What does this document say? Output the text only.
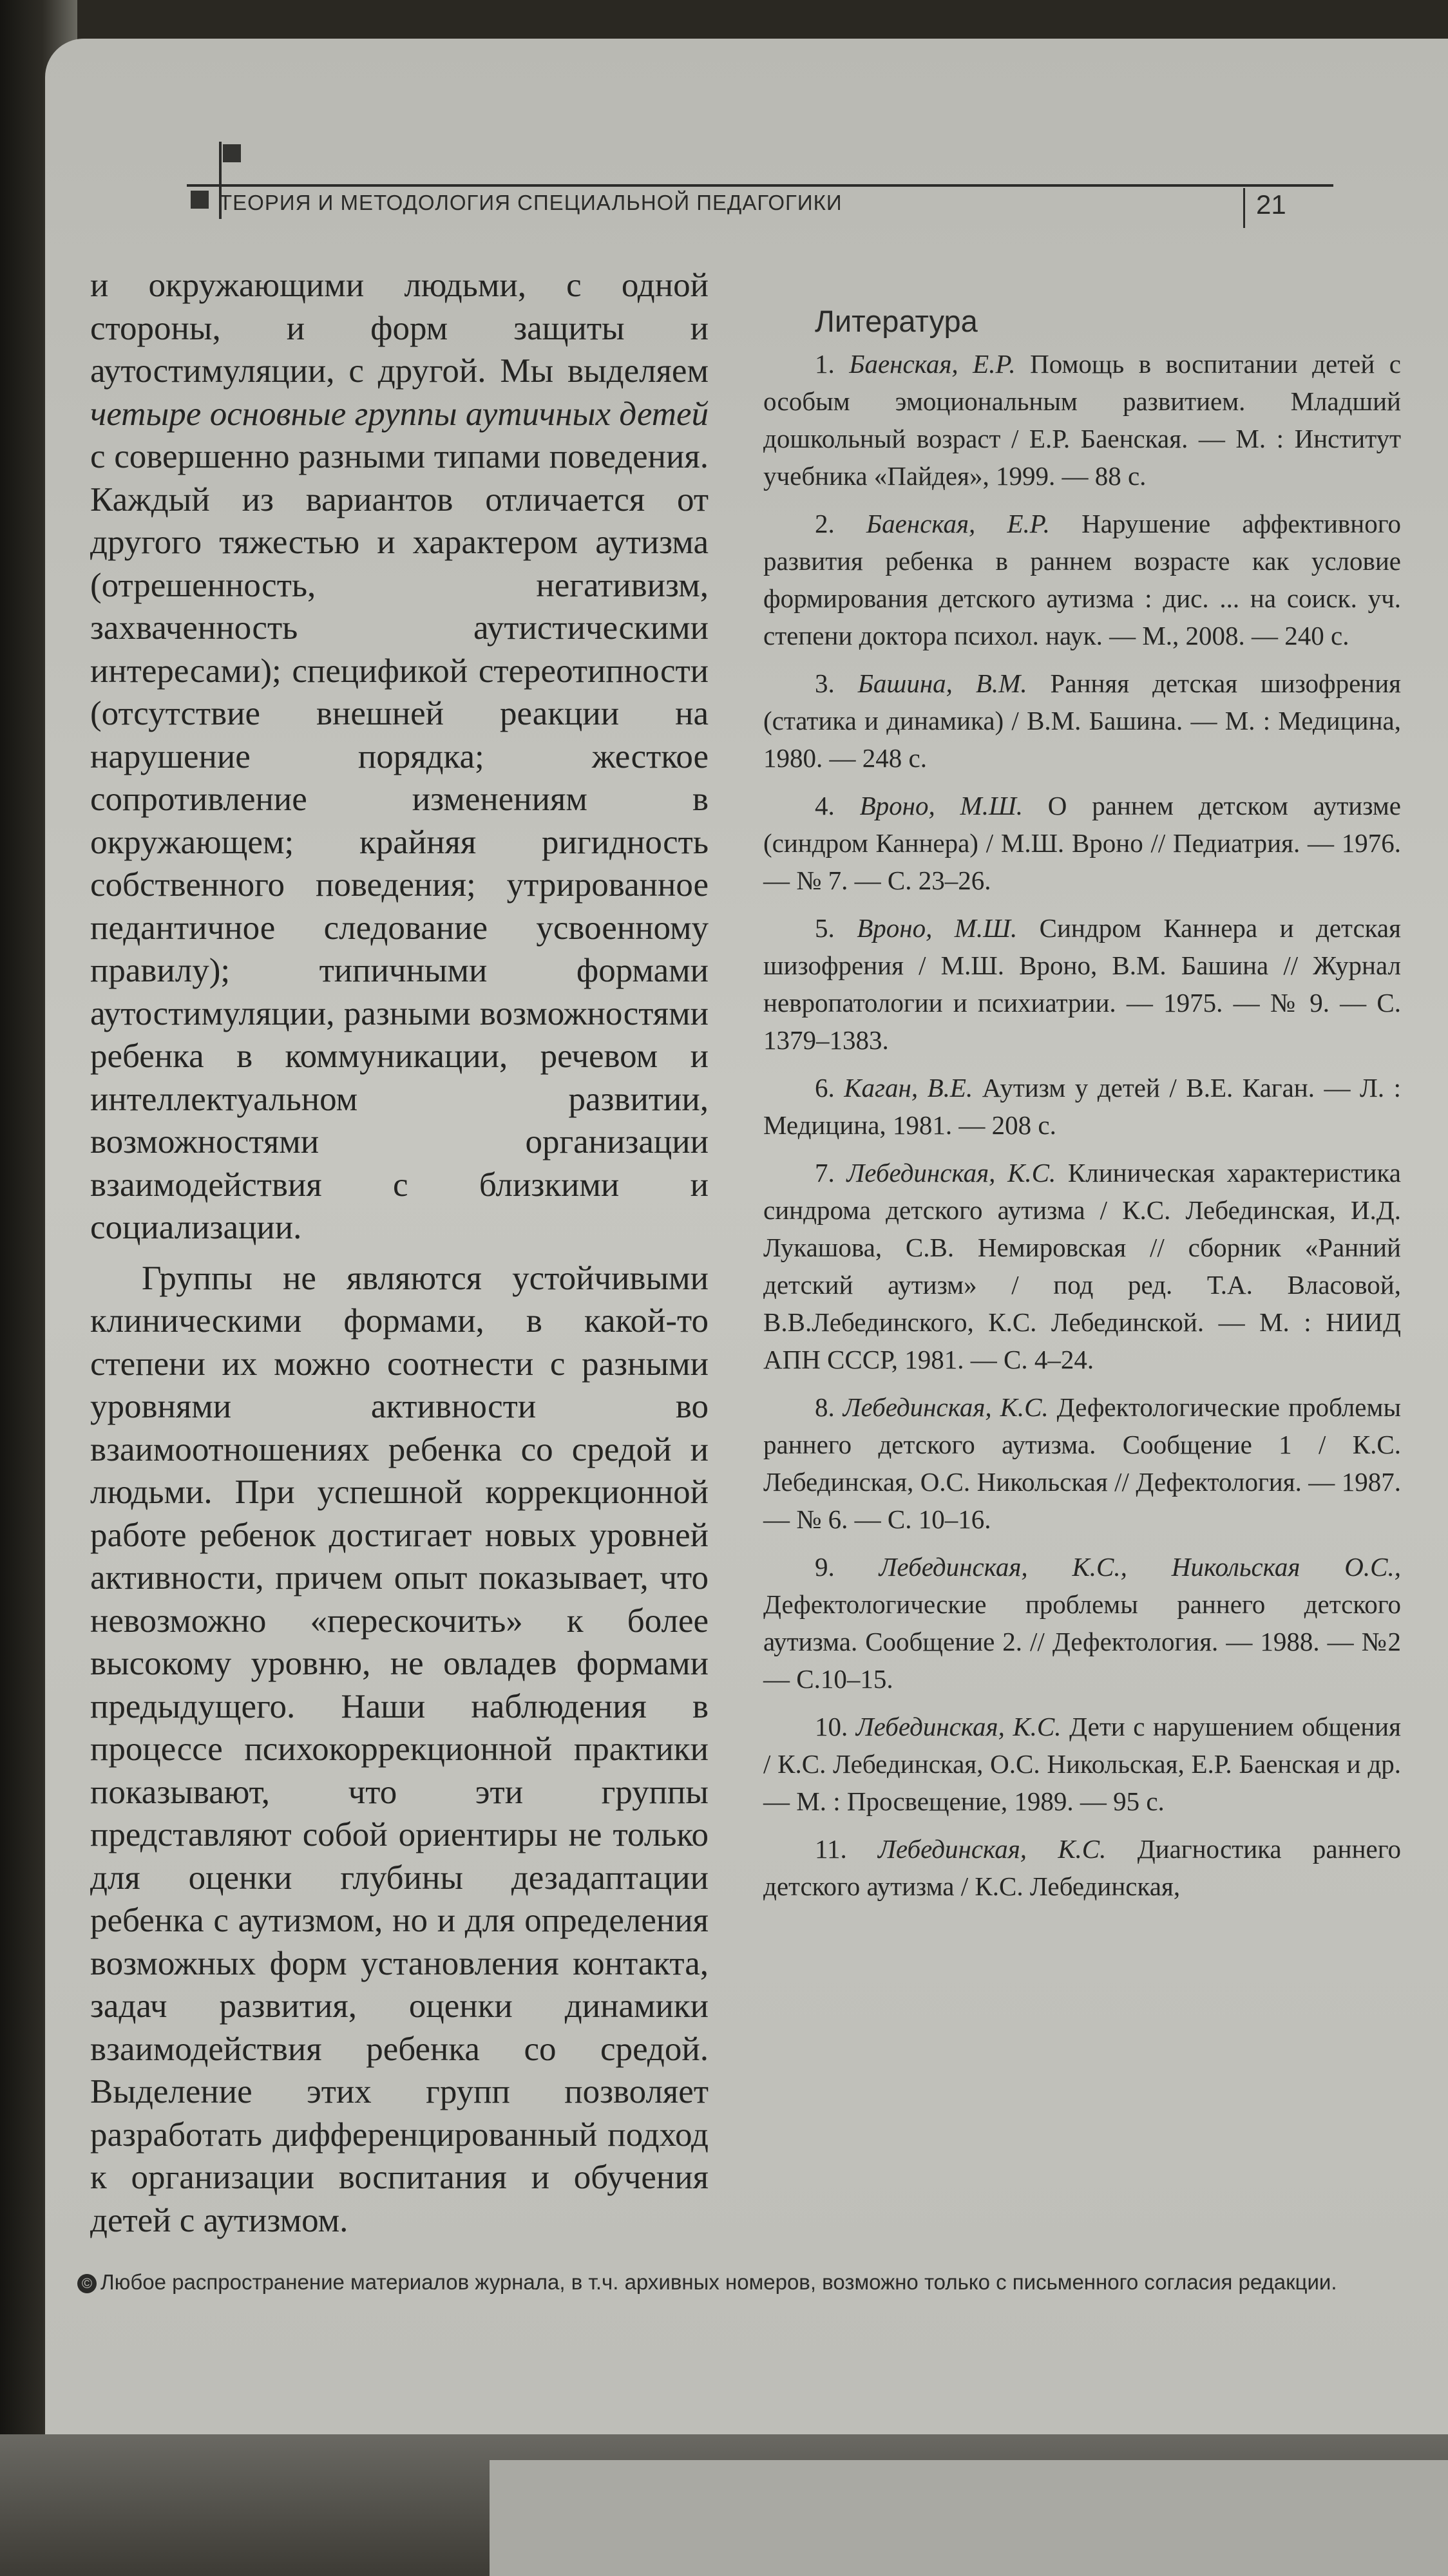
ТЕОРИЯ И МЕТОДОЛОГИЯ СПЕЦИАЛЬНОЙ ПЕДАГОГИКИ	21

и окружающими людьми, с одной стороны, и форм защиты и аутостимуляции, с другой. Мы выделяем четыре основные группы аутичных детей с совершенно разными типами поведения. Каждый из вариантов отличается от другого тяжестью и характером аутизма (отрешенность, негативизм, захваченность аутистическими интересами); спецификой стереотипности (отсутствие внешней реакции на нарушение порядка; жесткое сопротивление изменениям в окружающем; крайняя ригидность собственного поведения; утрированное педантичное следование усвоенному правилу); типичными формами аутостимуляции, разными возможностями ребенка в коммуникации, речевом и интеллектуальном развитии, возможностями организации взаимодействия с близкими и социализации.

Группы не являются устойчивыми клиническими формами, в какой-то степени их можно соотнести с разными уровнями активности во взаимоотношениях ребенка со средой и людьми. При успешной коррекционной работе ребенок достигает новых уровней активности, причем опыт показывает, что невозможно «перескочить» к более высокому уровню, не овладев формами предыдущего. Наши наблюдения в процессе психокоррекционной практики показывают, что эти группы представляют собой ориентиры не только для оценки глубины дезадаптации ребенка с аутизмом, но и для определения возможных форм установления контакта, задач развития, оценки динамики взаимодействия ребенка со средой. Выделение этих групп позволяет разработать дифференцированный подход к организации воспитания и обучения детей с аутизмом.

Литература

1. Баенская, Е.Р. Помощь в воспитании детей с особым эмоциональным развитием. Младший дошкольный возраст / Е.Р. Баенская. — М. : Институт учебника «Пайдея», 1999. — 88 с.

2. Баенская, Е.Р. Нарушение аффективного развития ребенка в раннем возрасте как условие формирования детского аутизма : дис. ... на соиск. уч. степени доктора психол. наук. — М., 2008. — 240 с.

3. Башина, В.М. Ранняя детская шизофрения (статика и динамика) / В.М. Башина. — М. : Медицина, 1980. — 248 с.

4. Вроно, М.Ш. О раннем детском аутизме (синдром Каннера) / М.Ш. Вроно // Педиатрия. — 1976. — № 7. — С. 23–26.

5. Вроно, М.Ш. Синдром Каннера и детская шизофрения / М.Ш. Вроно, В.М. Башина // Журнал невропатологии и психиатрии. — 1975. — № 9. — С. 1379–1383.

6. Каган, В.Е. Аутизм у детей / В.Е. Каган. — Л. : Медицина, 1981. — 208 с.

7. Лебединская, К.С. Клиническая характеристика синдрома детского аутизма / К.С. Лебединская, И.Д. Лукашова, С.В. Немировская // сборник «Ранний детский аутизм» / под ред. Т.А. Власовой, В.В.Лебединского, К.С. Лебединской. — М. : НИИД АПН СССР, 1981. — С. 4–24.

8. Лебединская, К.С. Дефектологические проблемы раннего детского аутизма. Сообщение 1 / К.С. Лебединская, О.С. Никольская // Дефектология. — 1987. — № 6. — С. 10–16.

9. Лебединская, К.С., Никольская О.С., Дефектологические проблемы раннего детского аутизма. Сообщение 2. // Дефектология. — 1988. — №2 — С.10–15.

10. Лебединская, К.С. Дети с нарушением общения / К.С. Лебединская, О.С. Никольская, Е.Р. Баенская и др. — М. : Просвещение, 1989. — 95 с.

11. Лебединская, К.С. Диагностика раннего детского аутизма / К.С. Лебединская,

© Любое распространение материалов журнала, в т.ч. архивных номеров, возможно только с письменного согласия редакции.
